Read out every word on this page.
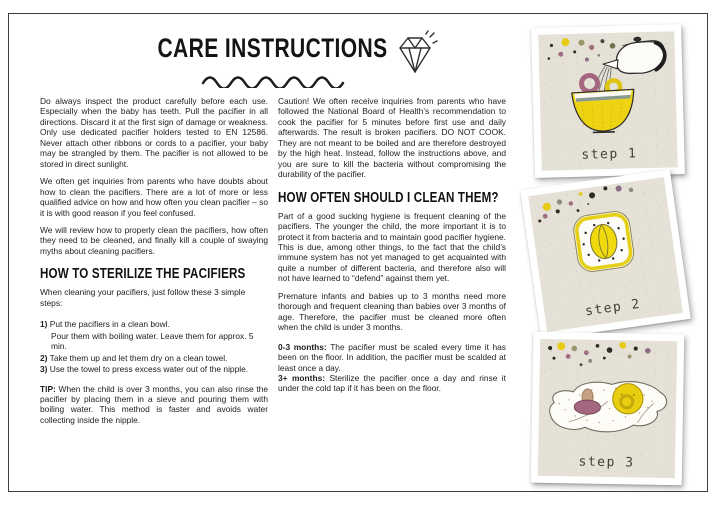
CARE INSTRUCTIONS

Do always inspect the product carefully before each use. Especially when the baby has teeth. Pull the pacifier in all directions. Discard it at the first sign of damage or weakness. Only use dedicated pacifier holders tested to EN 12586. Never attach other ribbons or cords to a pacifier, your baby may be strangled by them. The pacifier is not allowed to be stored in direct sunlight.

We often get inquiries from parents who have doubts about how to clean the pacifiers. There are a lot of more or less qualified advice on how and how often you clean pacifier – so it is with good reason if you feel confused.

We will review how to properly clean the pacifiers, how often they need to be cleaned, and finally kill a couple of swaying myths about cleaning pacifiers.

HOW TO STERILIZE THE PACIFIERS

When cleaning your pacifiers, just follow these 3 simple steps:

1) Put the pacifiers in a clean bowl.
Pour them with boiling water. Leave them for approx. 5 min.
2) Take them up and let them dry on a clean towel.
3) Use the towel to press excess water out of the nipple.

TIP: When the child is over 3 months, you can also rinse the pacifier by placing them in a sieve and pouring them with boiling water. This method is faster and avoids water collecting inside the nipple.

Caution! We often receive inquiries from parents who have followed the National Board of Health’s recommendation to cook the pacifier for 5 minutes before first use and daily afterwards. The result is broken pacifiers. DO NOT COOK. They are not meant to be boiled and are therefore destroyed by the high heat. Instead, follow the instructions above, and you are sure to kill the bacteria without compromising the durability of the pacifier.

HOW OFTEN SHOULD I CLEAN THEM?

Part of a good sucking hygiene is frequent cleaning of the pacifiers. The younger the child, the more important it is to protect it from bacteria and to maintain good pacifier hygiene. This is due, among other things, to the fact that the child’s immune system has not yet managed to get acquainted with quite a number of different bacteria, and therefore also will not have learned to “defend” against them yet.

Premature infants and babies up to 3 months need more thorough and frequent cleaning than babies over 3 months of age. Therefore, the pacifier must be cleaned more often when the child is under 3 months.

0-3 months: The pacifier must be scaled every time it has been on the floor. In addition, the pacifier must be scalded at least once a day.

3+ months: Sterilize the pacifier once a day and rinse it under the cold tap if it has been on the floor.

step 1
step 2
step 3
